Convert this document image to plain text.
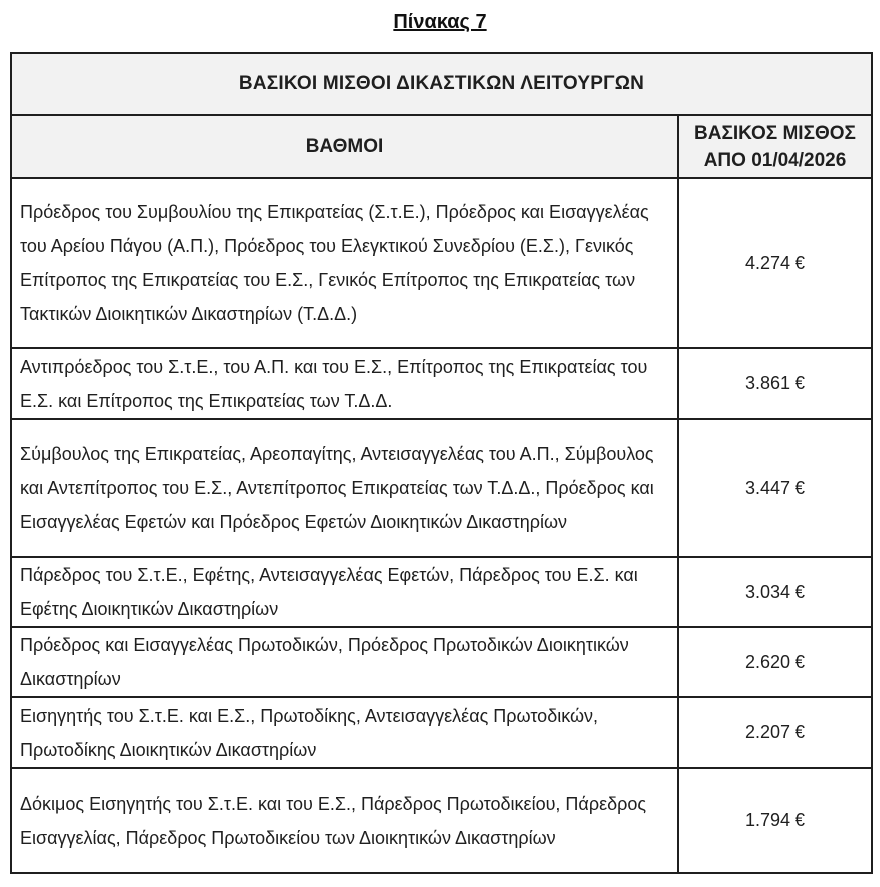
Πίνακας 7
ΒΑΣΙΚΟΙ ΜΙΣΘΟΙ ΔΙΚΑΣΤΙΚΩΝ ΛΕΙΤΟΥΡΓΩΝ	
ΒΑΘΜΟΙ	ΒΑΣΙΚΟΣ ΜΙΣΘΟΣ
ΑΠΟ 01/04/2026

Πρόεδρος του Συμβουλίου της Επικρατείας (Σ.τ.Ε.), Πρόεδρος και Εισαγγελέας του Αρείου Πάγου (Α.Π.), Πρόεδρος του Ελεγκτικού Συνεδρίου (Ε.Σ.), Γενικός Επίτροπος της Επικρατείας του Ε.Σ., Γενικός Επίτροπος της Επικρατείας των Τακτικών Διοικητικών Δικαστηρίων (Τ.Δ.Δ.)	4.274 €
Αντιπρόεδρος του Σ.τ.Ε., του Α.Π. και του Ε.Σ., Επίτροπος της Επικρατείας του Ε.Σ. και Επίτροπος της Επικρατείας των Τ.Δ.Δ.	3.861 €
Σύμβουλος της Επικρατείας, Αρεοπαγίτης, Αντεισαγγελέας του Α.Π., Σύμβουλος και Αντεπίτροπος του Ε.Σ., Αντεπίτροπος Επικρατείας των Τ.Δ.Δ., Πρόεδρος και Εισαγγελέας Εφετών και Πρόεδρος Εφετών Διοικητικών Δικαστηρίων	3.447 €
Πάρεδρος του Σ.τ.Ε., Εφέτης, Αντεισαγγελέας Εφετών, Πάρεδρος του Ε.Σ. και Εφέτης Διοικητικών Δικαστηρίων	3.034 €
Πρόεδρος και Εισαγγελέας Πρωτοδικών, Πρόεδρος Πρωτοδικών Διοικητικών Δικαστηρίων	2.620 €
Εισηγητής του Σ.τ.Ε. και Ε.Σ., Πρωτοδίκης, Αντεισαγγελέας Πρωτοδικών, Πρωτοδίκης Διοικητικών Δικαστηρίων	2.207 €
Δόκιμος Εισηγητής του Σ.τ.Ε. και του Ε.Σ., Πάρεδρος Πρωτοδικείου, Πάρεδρος Εισαγγελίας, Πάρεδρος Πρωτοδικείου των Διοικητικών Δικαστηρίων	1.794 €
